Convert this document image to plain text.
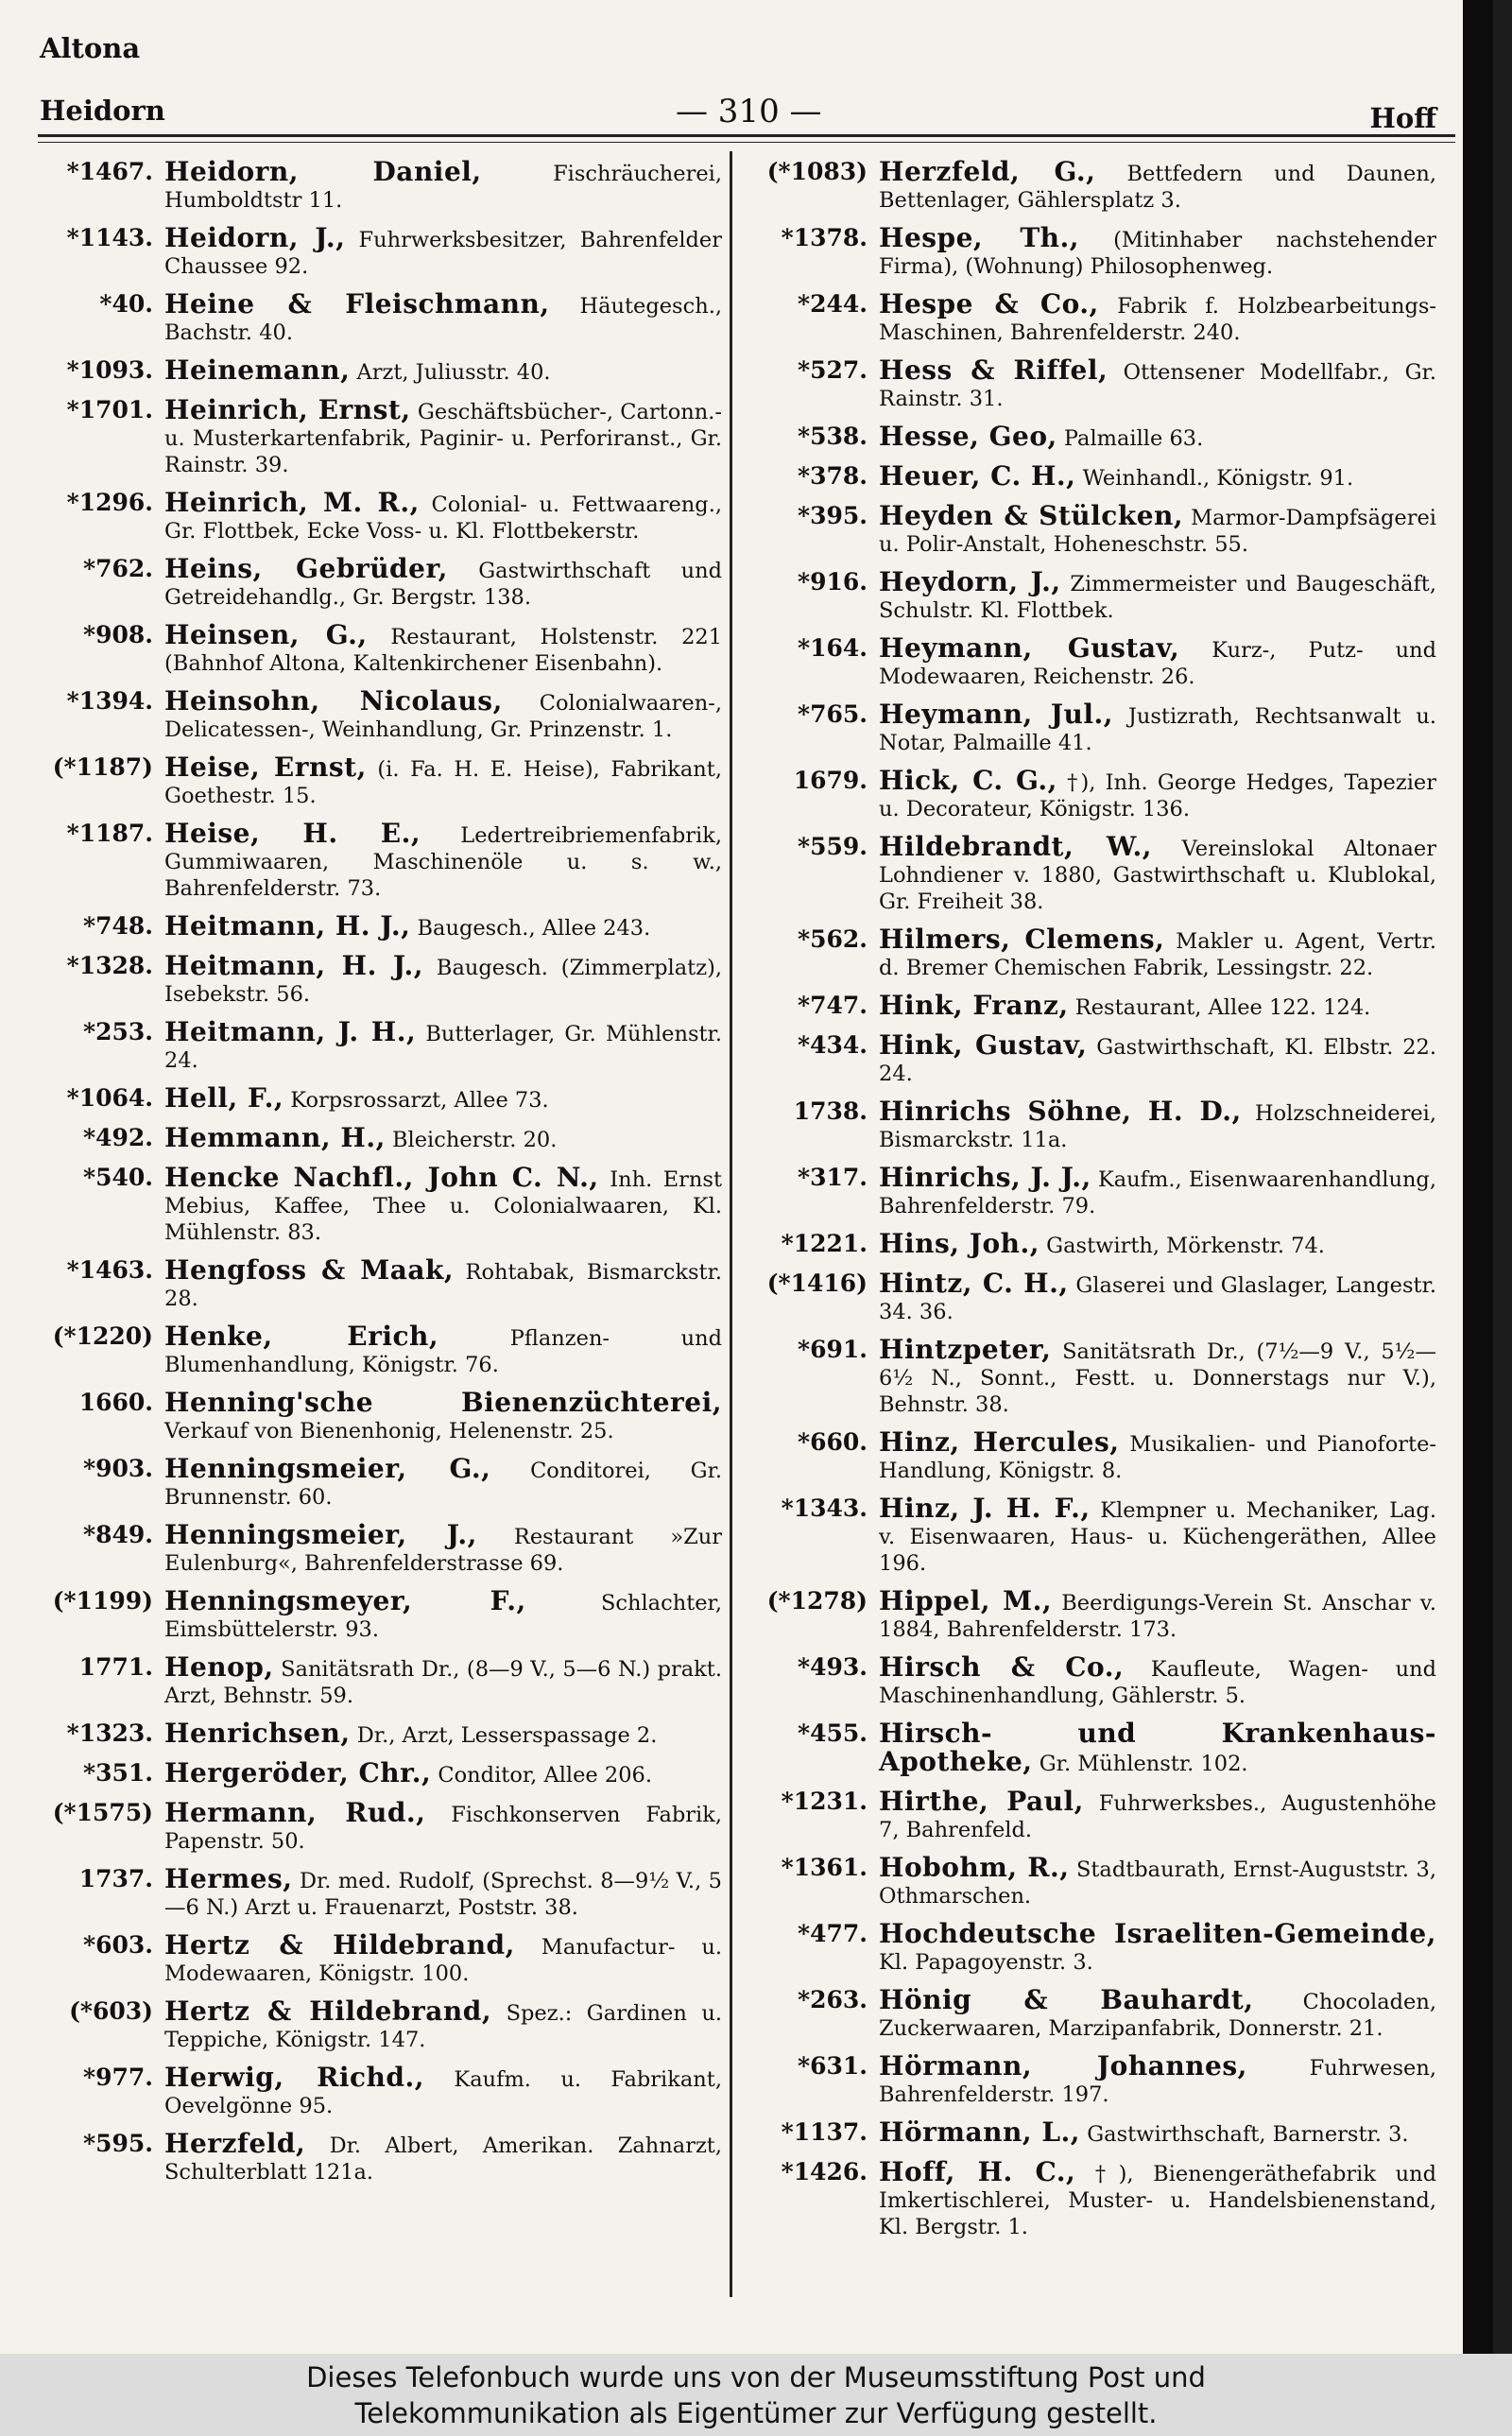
Altona
Heidorn	— 310 —	Hoff
*1467. Heidorn, Daniel,	Fischräucherei, Humboldtstr 11.
*1143. Heidorn, J., Fuhrwerksbesitzer, Bahrenfelder Chaussee 92.
*40. Heine & Fleischmann, Häutegesch., Bachstr. 40.
*1093. Heinemann, Arzt, Juliusstr. 40.
*1701. Heinrich, Ernst, Geschäftsbücher-, Cartonn.- u. Musterkartenfabrik, Paginir- u. Perforiranst., Gr. Rainstr. 39.
*1296. Heinrich, M. R., Colonial- u. Fettwaareng., Gr. Flottbek, Ecke Voss- u. Kl. Flottbekerstr.
*762. Heins, Gebrüder, Gastwirthschaft und Getreidehandlg., Gr. Bergstr. 138.
*908. Heinsen, G., Restaurant, Holstenstr. 221 (Bahnhof Altona, Kaltenkirchener Eisenbahn).
*1394. Heinsohn, Nicolaus, Colonialwaaren-, Delicatessen-, Weinhandlung, Gr. Prinzenstr. 1.
(*1187) Heise, Ernst, (i. Fa. H. E. Heise), Fabrikant, Goethestr. 15.
*1187. Heise, H. E., Ledertreibriemenfabrik, Gummiwaaren, Maschinenöle u. s. w., Bahrenfelderstr. 73.
*748. Heitmann, H. J., Baugesch., Allee 243.
*1328. Heitmann, H. J., Baugesch. (Zimmerplatz), Isebekstr. 56.
*253. Heitmann, J. H., Butterlager, Gr. Mühlenstr. 24.
*1064. Hell, F., Korpsrossarzt, Allee 73.
*492. Hemmann, H., Bleicherstr. 20.
*540. Hencke Nachfl., John C. N., Inh. Ernst Mebius, Kaffee, Thee u. Colonialwaaren, Kl. Mühlenstr. 83.
*1463. Hengfoss & Maak, Rohtabak, Bismarckstr. 28.
(*1220) Henke, Erich,	Pflanzen- und Blumenhandlung, Königstr. 76.
1660. Henning'sche Bienenzüchterei, Verkauf von Bienenhonig, Helenenstr. 25.
*903. Henningsmeier, G., Conditorei, Gr. Brunnenstr. 60.
*849. Henningsmeier, J., Restaurant »Zur Eulenburg«, Bahrenfelderstrasse 69.
(*1199) Henningsmeyer, F.,	Schlachter, Eimsbüttelerstr. 93.
1771. Henop, Sanitätsrath Dr., (8—9 V., 5—6 N.) prakt. Arzt, Behnstr. 59.
*1323. Henrichsen, Dr., Arzt, Lesserspassage 2.
*351. Hergeröder, Chr., Conditor, Allee 206.
(*1575) Hermann, Rud., Fischkonserven Fabrik, Papenstr. 50.
1737. Hermes, Dr. med. Rudolf, (Sprechst. 8—9½ V., 5—6 N.) Arzt u. Frauenarzt, Poststr. 38.
*603. Hertz & Hildebrand, Manufactur- u. Modewaaren, Königstr. 100.
(*603) Hertz & Hildebrand, Spez.: Gardinen u. Teppiche, Königstr. 147.
*977. Herwig, Richd., Kaufm. u. Fabrikant, Oevelgönne 95.
*595. Herzfeld, Dr. Albert, Amerikan. Zahnarzt, Schulterblatt 121a.
(*1083) Herzfeld, G., Bettfedern und Daunen, Bettenlager, Gählersplatz 3.
*1378. Hespe, Th., (Mitinhaber nachstehender Firma), (Wohnung) Philosophenweg.
*244. Hespe & Co., Fabrik f. Holzbearbeitungs-Maschinen, Bahrenfelderstr. 240.
*527. Hess & Riffel, Ottensener Modellfabr., Gr. Rainstr. 31.
*538. Hesse, Geo, Palmaille 63.
*378. Heuer, C. H., Weinhandl., Königstr. 91.
*395. Heyden & Stülcken, Marmor-Dampfsägerei u. Polir-Anstalt, Hoheneschstr. 55.
*916. Heydorn, J., Zimmermeister und Baugeschäft, Schulstr. Kl. Flottbek.
*164. Heymann, Gustav, Kurz-, Putz- und Modewaaren, Reichenstr. 26.
*765. Heymann, Jul., Justizrath, Rechtsanwalt u. Notar, Palmaille 41.
1679. Hick, C. G., †), Inh. George Hedges, Tapezier u. Decorateur, Königstr. 136.
*559. Hildebrandt, W., Vereinslokal Altonaer Lohndiener v. 1880, Gastwirthschaft u. Klublokal, Gr. Freiheit 38.
*562. Hilmers, Clemens, Makler u. Agent, Vertr. d. Bremer Chemischen Fabrik, Lessingstr. 22.
*747. Hink, Franz, Restaurant, Allee 122. 124.
*434. Hink, Gustav, Gastwirthschaft, Kl. Elbstr. 22. 24.
1738. Hinrichs Söhne, H. D., Holzschneiderei, Bismarckstr. 11a.
*317. Hinrichs, J. J., Kaufm., Eisenwaarenhandlung, Bahrenfelderstr. 79.
*1221. Hins, Joh., Gastwirth, Mörkenstr. 74.
(*1416) Hintz, C. H., Glaserei und Glaslager, Langestr. 34. 36.
*691. Hintzpeter, Sanitätsrath Dr., (7½—9 V., 5½—6½ N., Sonnt., Festt. u. Donnerstags nur V.), Behnstr. 38.
*660. Hinz, Hercules, Musikalien- und Pianoforte-Handlung, Königstr. 8.
*1343. Hinz, J. H. F., Klempner u. Mechaniker, Lag. v. Eisenwaaren, Haus- u. Küchengeräthen, Allee 196.
(*1278) Hippel, M., Beerdigungs-Verein St. Anschar v. 1884, Bahrenfelderstr. 173.
*493. Hirsch & Co., Kaufleute, Wagen- und Maschinenhandlung, Gählerstr. 5.
*455. Hirsch- und Krankenhaus-Apotheke, Gr. Mühlenstr. 102.
*1231. Hirthe, Paul, Fuhrwerksbes., Augustenhöhe 7, Bahrenfeld.
*1361. Hobohm, R., Stadtbaurath, Ernst-Auguststr. 3, Othmarschen.
*477. Hochdeutsche Israeliten-Gemeinde, Kl. Papagoyenstr. 3.
*263. Hönig & Bauhardt, Chocoladen, Zuckerwaaren, Marzipanfabrik, Donnerstr. 21.
*631. Hörmann, Johannes,	Fuhrwesen, Bahrenfelderstr. 197.
*1137. Hörmann, L., Gastwirthschaft, Barnerstr. 3.
*1426. Hoff, H. C., †), Bienengeräthefabrik und Imkertischlerei, Muster- u. Handelsbienenstand, Kl. Bergstr. 1.
Dieses Telefonbuch wurde uns von der Museumsstiftung Post und
Telekommunikation als Eigentümer zur Verfügung gestellt.
